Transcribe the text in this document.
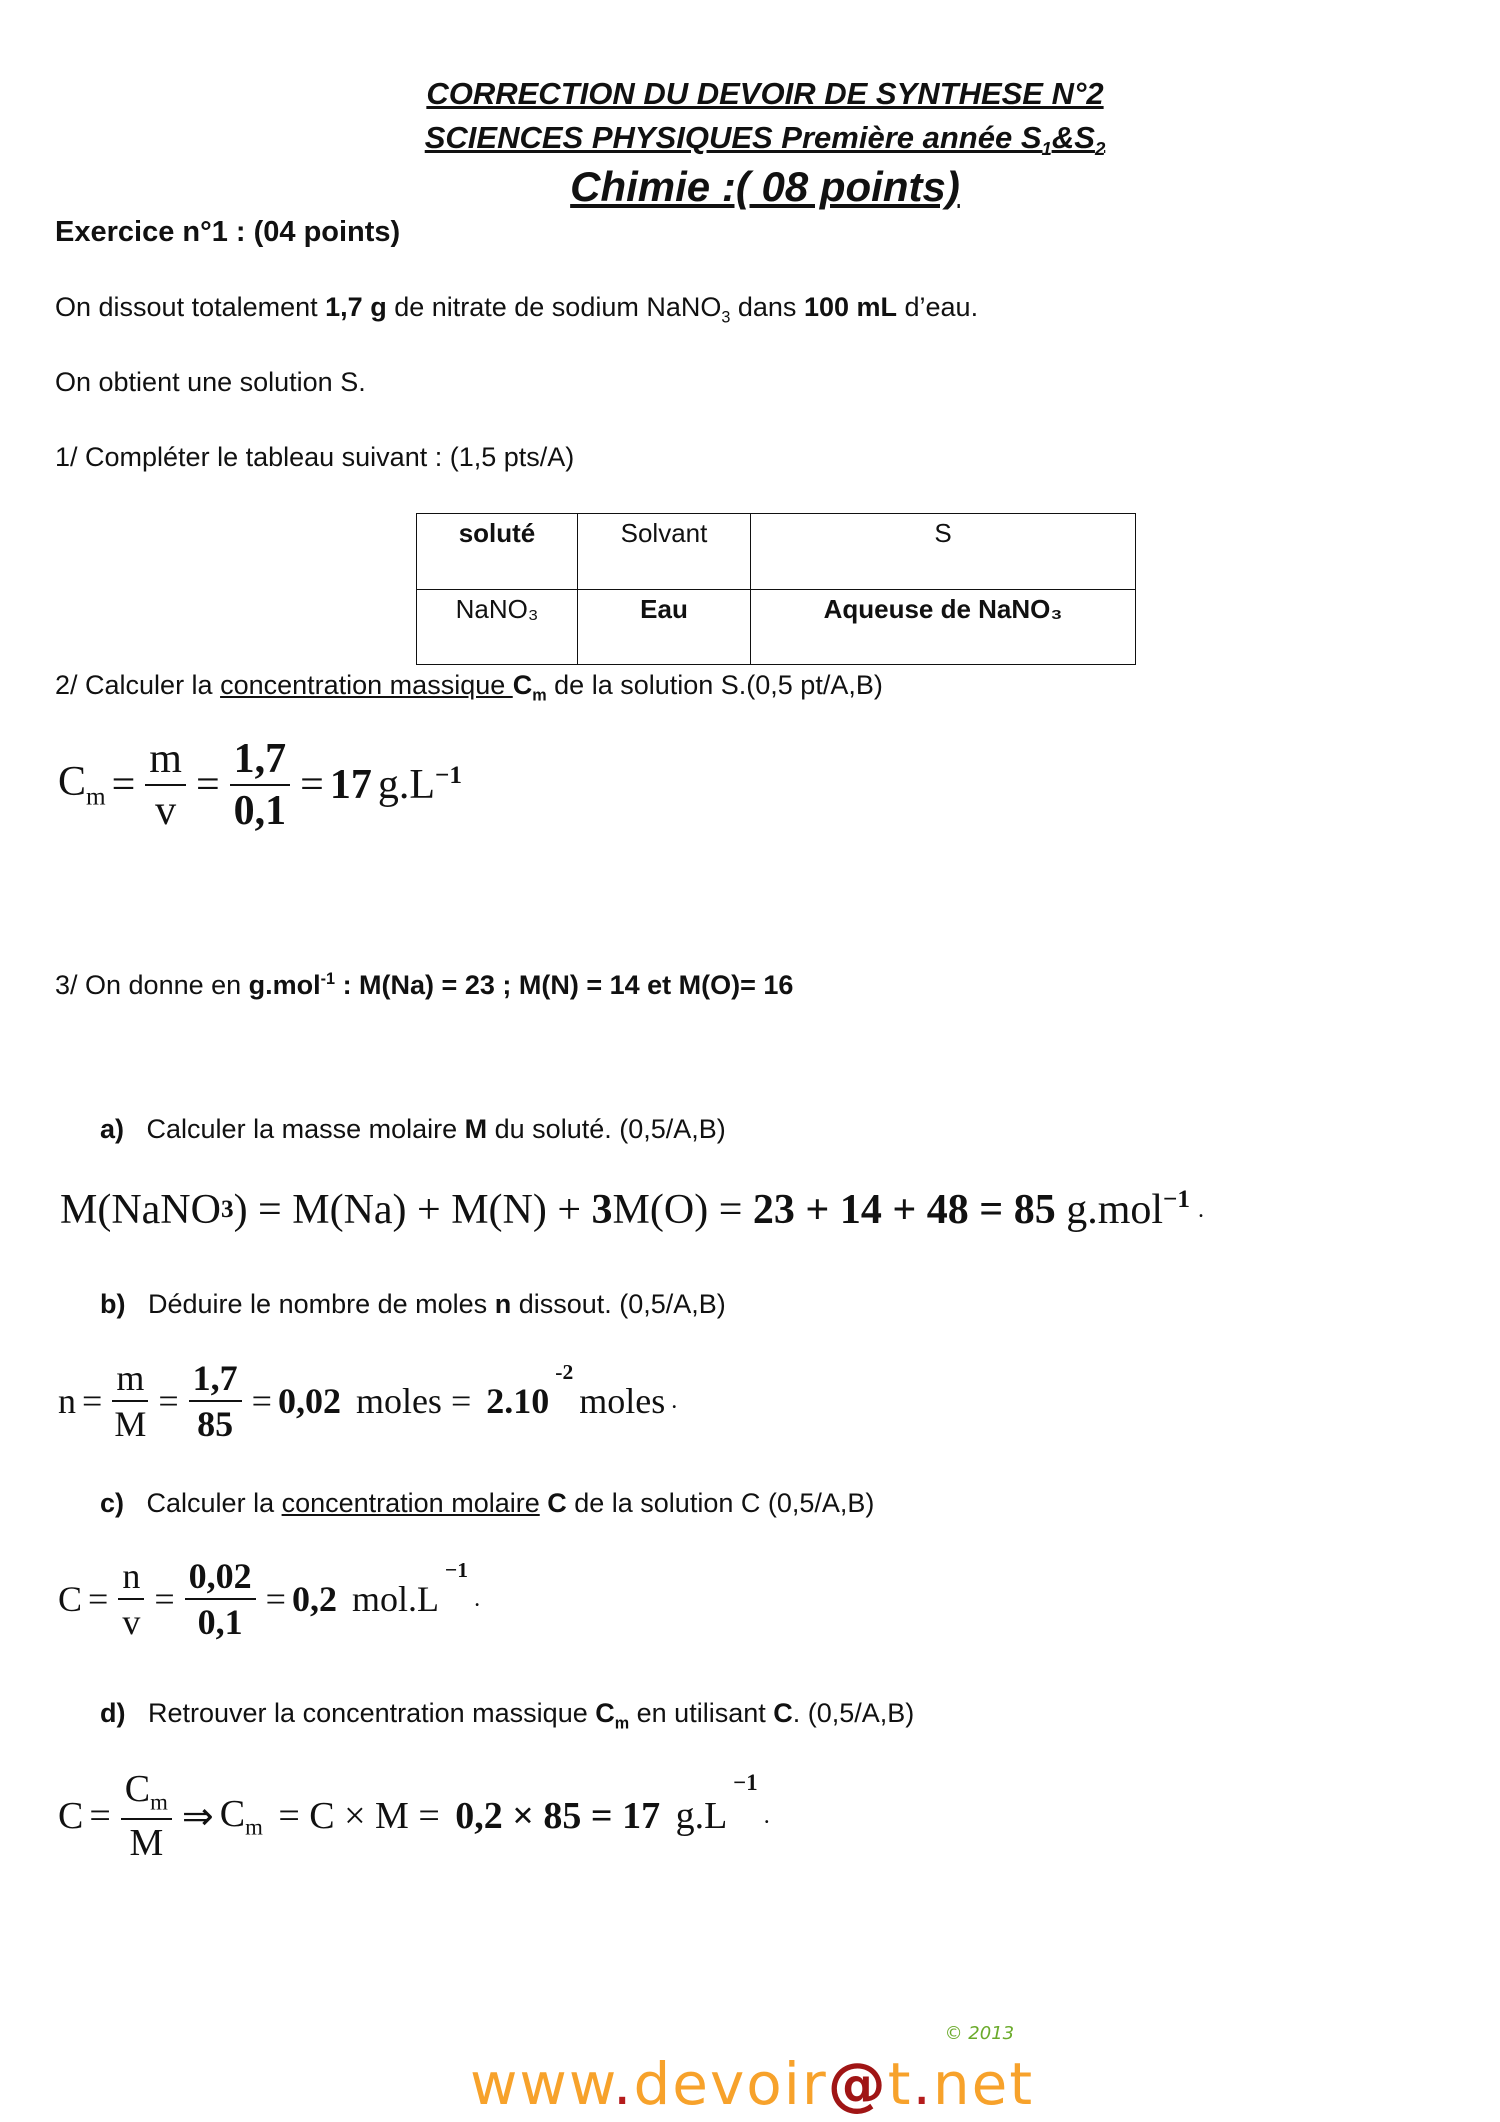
CORRECTION DU DEVOIR DE SYNTHESE N°2
SCIENCES PHYSIQUES Première année $S_1\&S_2$
Chimie :( 08 points)
Exercice n°1 : (04 points)
On dissout totalement 1,7 g de nitrate de sodium NaNO$_3$ dans 100 mL d’eau.
On obtient une solution S.
1/ Compléter le tableau suivant : (1,5 pts/A)
soluté	Solvant	S
NaNO₃	Eau	Aqueuse de NaNO₃
2/ Calculer la concentration massique $C_m$ de la solution S.(0,5 pt/A,B)
$C_m = \frac{m}{v} = \frac{1,7}{0,1} = 17$ $g.L^{-1}$
3/ On donne en g.mol$^{-1}$ : M(Na) = 23 ; M(N) = 14 et M(O)= 16
a) Calculer la masse molaire M du soluté. (0,5/A,B)
M(NaNO 3 ) = M(Na) + M(N) + 3 M(O) = 23 + 14 + 48 = 85 g.mol$^{-1}$ .
b) Déduire le nombre de moles n dissout. (0,5/A,B)
$n = \frac{m}{M} = \frac{1,7}{85} = 0,02$ moles = 2.10
$^{-2}$
moles .
c) Calculer la concentration molaire C de la solution C (0,5/A,B)
$C = \frac{n}{v} = \frac{0,02}{0,1} = 0,2$ mol.L
$^{-1}$
.
d) Retrouver la concentration massique $C_m$ en utilisant C. (0,5/A,B)
$C = \frac{C_m}{M}$ ⇒ $C_m = C \times M = 0,2 \times 85 = 17$ g.L
$^{-1}$
.
www.devoir@t.net
© 2013
